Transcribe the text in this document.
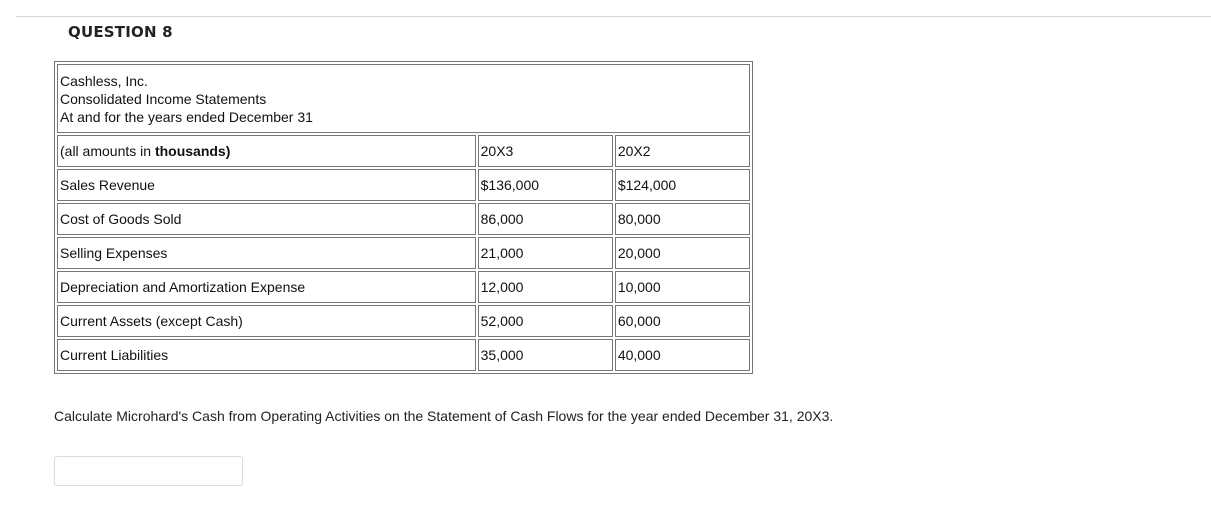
QUESTION 8
Cashless, Inc.
Consolidated Income Statements
At and for the years ended December 31		

(all amounts in thousands)	20X3	20X2
Sales Revenue	$136,000	$124,000
Cost of Goods Sold	86,000	80,000
Selling Expenses	21,000	20,000
Depreciation and Amortization Expense	12,000	10,000
Current Assets (except Cash)	52,000	60,000
Current Liabilities	35,000	40,000
Calculate Microhard's Cash from Operating Activities on the Statement of Cash Flows for the year ended December 31, 20X3.
